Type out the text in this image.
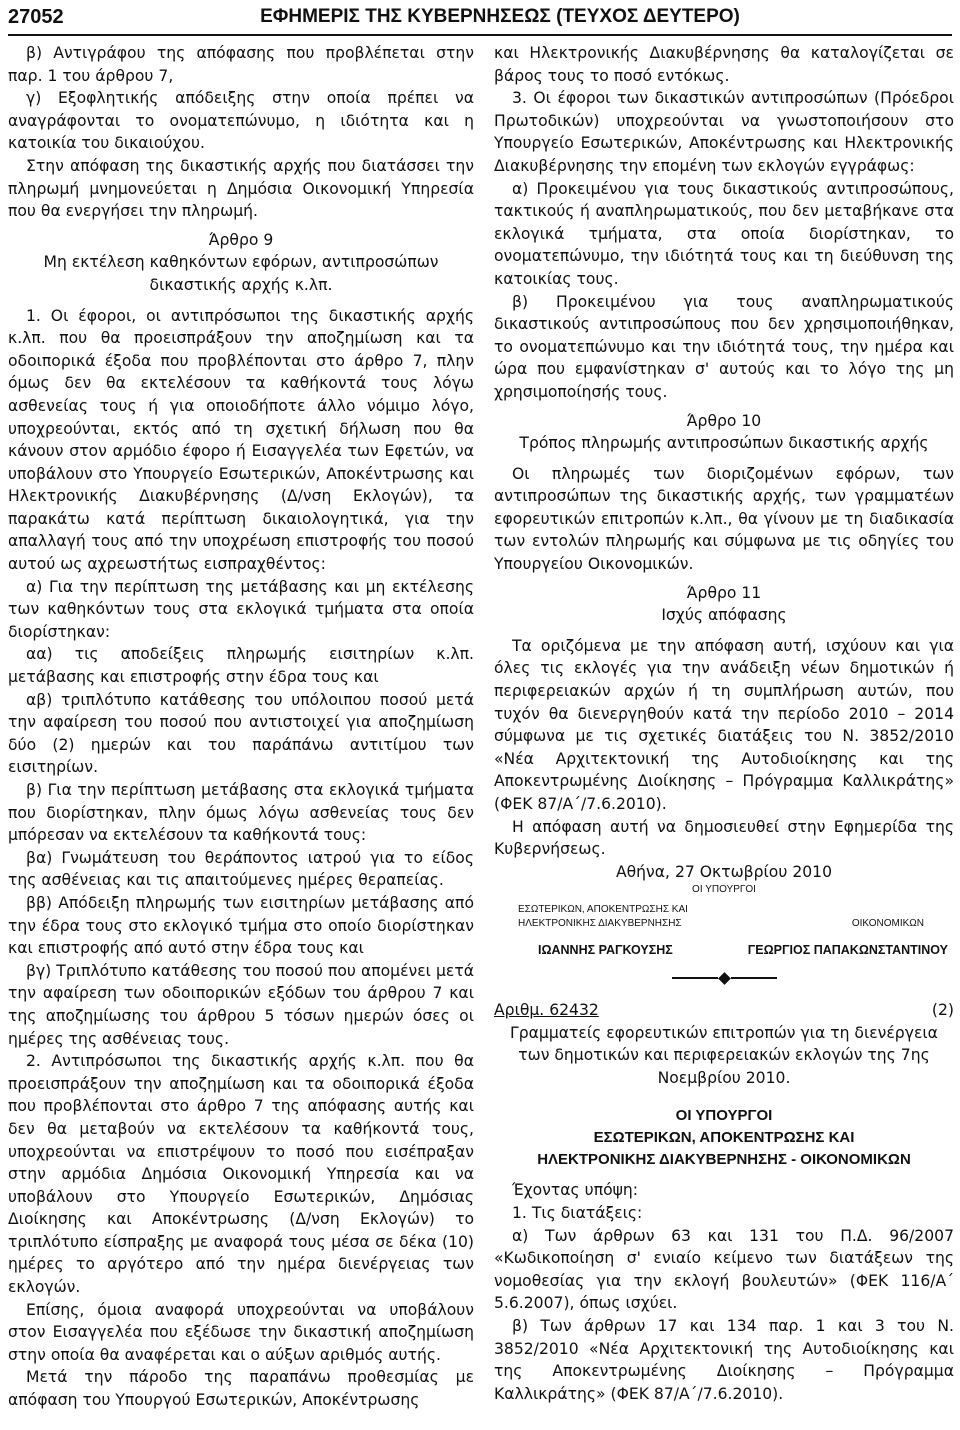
27052	ΕΦΗΜΕΡΙΣ ΤΗΣ ΚΥΒΕΡΝΗΣΕΩΣ (ΤΕΥΧΟΣ ΔΕΥΤΕΡΟ)

β) Αντιγράφου της απόφασης που προβλέπεται στην παρ. 1 του άρθρου 7,

γ) Εξοφλητικής απόδειξης στην οποία πρέπει να αναγράφονται το ονοματεπώνυμο, η ιδιότητα και η κατοικία του δικαιούχου.

Στην απόφαση της δικαστικής αρχής που διατάσσει την πληρωμή μνημονεύεται η Δημόσια Οικονομική Υπηρεσία που θα ενεργήσει την πληρωμή.

Άρθρο 9

Μη εκτέλεση καθηκόντων εφόρων, αντιπροσώπων δικαστικής αρχής κ.λπ.

1. Οι έφοροι, οι αντιπρόσωποι της δικαστικής αρχής κ.λπ. που θα προεισπράξουν την αποζημίωση και τα οδοιπορικά έξοδα που προβλέπονται στο άρθρο 7, πλην όμως δεν θα εκτελέσουν τα καθήκοντά τους λόγω ασθενείας τους ή για οποιοδήποτε άλλο νόμιμο λόγο, υποχρεούνται, εκτός από τη σχετική δήλωση που θα κάνουν στον αρμόδιο έφορο ή Εισαγγελέα των Εφετών, να υποβάλουν στο Υπουργείο Εσωτερικών, Αποκέντρωσης και Ηλεκτρονικής Διακυβέρνησης (Δ/νση Εκλογών), τα παρακάτω κατά περίπτωση δικαιολογητικά, για την απαλλαγή τους από την υποχρέωση επιστροφής του ποσού αυτού ως αχρεωστήτως εισπραχθέντος:

α) Για την περίπτωση της μετάβασης και μη εκτέλεσης των καθηκόντων τους στα εκλογικά τμήματα στα οποία διορίστηκαν:

αα) τις αποδείξεις πληρωμής εισιτηρίων κ.λπ. μετάβασης και επιστροφής στην έδρα τους και

αβ) τριπλότυπο κατάθεσης του υπόλοιπου ποσού μετά την αφαίρεση του ποσού που αντιστοιχεί για αποζημίωση δύο (2) ημερών και του παράπάνω αντιτίμου των εισιτηρίων.

β) Για την περίπτωση μετάβασης στα εκλογικά τμήματα που διορίστηκαν, πλην όμως λόγω ασθενείας τους δεν μπόρεσαν να εκτελέσουν τα καθήκοντά τους:

βα) Γνωμάτευση του θεράποντος ιατρού για το είδος της ασθένειας και τις απαιτούμενες ημέρες θεραπείας.

ββ) Απόδειξη πληρωμής των εισιτηρίων μετάβασης από την έδρα τους στο εκλογικό τμήμα στο οποίο διορίστηκαν και επιστροφής από αυτό στην έδρα τους και

βγ) Τριπλότυπο κατάθεσης του ποσού που απομένει μετά την αφαίρεση των οδοιπορικών εξόδων του άρθρου 7 και της αποζημίωσης του άρθρου 5 τόσων ημερών όσες οι ημέρες της ασθένειας τους.

2. Αντιπρόσωποι της δικαστικής αρχής κ.λπ. που θα προεισπράξουν την αποζημίωση και τα οδοιπορικά έξοδα που προβλέπονται στο άρθρο 7 της απόφασης αυτής και δεν θα μεταβούν να εκτελέσουν τα καθήκοντά τους, υποχρεούνται να επιστρέψουν το ποσό που εισέπραξαν στην αρμόδια Δημόσια Οικονομική Υπηρεσία και να υποβάλουν στο Υπουργείο Εσωτερικών, Δημόσιας Διοίκησης και Αποκέντρωσης (Δ/νση Εκλογών) το τριπλότυπο είσπραξης με αναφορά τους μέσα σε δέκα (10) ημέρες το αργότερο από την ημέρα διενέργειας των εκλογών.

Επίσης, όμοια αναφορά υποχρεούνται να υποβάλουν στον Εισαγγελέα που εξέδωσε την δικαστική αποζημίωση στην οποία θα αναφέρεται και ο αύξων αριθμός αυτής.

Μετά την πάροδο της παραπάνω προθεσμίας με απόφαση του Υπουργού Εσωτερικών, Αποκέντρωσης

και Ηλεκτρονικής Διακυβέρνησης θα καταλογίζεται σε βάρος τους το ποσό εντόκως.

3. Οι έφοροι των δικαστικών αντιπροσώπων (Πρόεδροι Πρωτοδικών) υποχρεούνται να γνωστοποιήσουν στο Υπουργείο Εσωτερικών, Αποκέντρωσης και Ηλεκτρονικής Διακυβέρνησης την επομένη των εκλογών εγγράφως:

α) Προκειμένου για τους δικαστικούς αντιπροσώπους, τακτικούς ή αναπληρωματικούς, που δεν μεταβήκανε στα εκλογικά τμήματα, στα οποία διορίστηκαν, το ονοματεπώνυμο, την ιδιότητά τους και τη διεύθυνση της κατοικίας τους.

β) Προκειμένου για τους αναπληρωματικούς δικαστικούς αντιπροσώπους που δεν χρησιμοποιήθηκαν, το ονοματεπώνυμο και την ιδιότητά τους, την ημέρα και ώρα που εμφανίστηκαν σ' αυτούς και το λόγο της μη χρησιμοποίησής τους.

Άρθρο 10

Τρόπος πληρωμής αντιπροσώπων δικαστικής αρχής

Οι πληρωμές των διοριζομένων εφόρων, των αντιπροσώπων της δικαστικής αρχής, των γραμματέων εφορευτικών επιτροπών κ.λπ., θα γίνουν με τη διαδικασία των εντολών πληρωμής και σύμφωνα με τις οδηγίες του Υπουργείου Οικονομικών.

Άρθρο 11

Ισχύς απόφασης

Τα οριζόμενα με την απόφαση αυτή, ισχύουν και για όλες τις εκλογές για την ανάδειξη νέων δημοτικών ή περιφερειακών αρχών ή τη συμπλήρωση αυτών, που τυχόν θα διενεργηθούν κατά την περίοδο 2010 – 2014 σύμφωνα με τις σχετικές διατάξεις του Ν. 3852/2010 «Νέα Αρχιτεκτονική της Αυτοδιοίκησης και της Αποκεντρωμένης Διοίκησης – Πρόγραμμα Καλλικράτης» (ΦΕΚ 87/Α΄/7.6.2010).

Η απόφαση αυτή να δημοσιευθεί στην Εφημερίδα της Κυβερνήσεως.

Αθήνα, 27 Οκτωβρίου 2010

ΟΙ ΥΠΟΥΡΓΟΙ
ΕΣΩΤΕΡΙΚΩΝ, ΑΠΟΚΕΝΤΡΩΣΗΣ ΚΑΙ
ΗΛΕΚΤΡΟΝΙΚΗΣ ΔΙΑΚΥΒΕΡΝΗΣΗΣ	ΟΙΚΟΝΟΜΙΚΩΝ
ΙΩΑΝΝΗΣ ΡΑΓΚΟΥΣΗΣ	ΓΕΩΡΓΙΟΣ ΠΑΠΑΚΩΝΣΤΑΝΤΙΝΟΥ
Αριθμ. 62432	(2)

Γραμματείς εφορευτικών επιτροπών για τη διενέργεια των δημοτικών και περιφερειακών εκλογών της 7ης Νοεμβρίου 2010.

ΟΙ ΥΠΟΥΡΓΟΙ
ΕΣΩΤΕΡΙΚΩΝ, ΑΠΟΚΕΝΤΡΩΣΗΣ ΚΑΙ
ΗΛΕΚΤΡΟΝΙΚΗΣ ΔΙΑΚΥΒΕΡΝΗΣΗΣ - ΟΙΚΟΝΟΜΙΚΩΝ

Έχοντας υπόψη:

1. Τις διατάξεις:

α) Των άρθρων 63 και 131 του Π.Δ. 96/2007 «Κωδικοποίηση σ' ενιαίο κείμενο των διατάξεων της νομοθεσίας για την εκλογή βουλευτών» (ΦΕΚ 116/Α΄ 5.6.2007), όπως ισχύει.

β) Των άρθρων 17 και 134 παρ. 1 και 3 του Ν. 3852/2010 «Νέα Αρχιτεκτονική της Αυτοδιοίκησης και της Αποκεντρωμένης Διοίκησης – Πρόγραμμα Καλλικράτης» (ΦΕΚ 87/Α΄/7.6.2010).
